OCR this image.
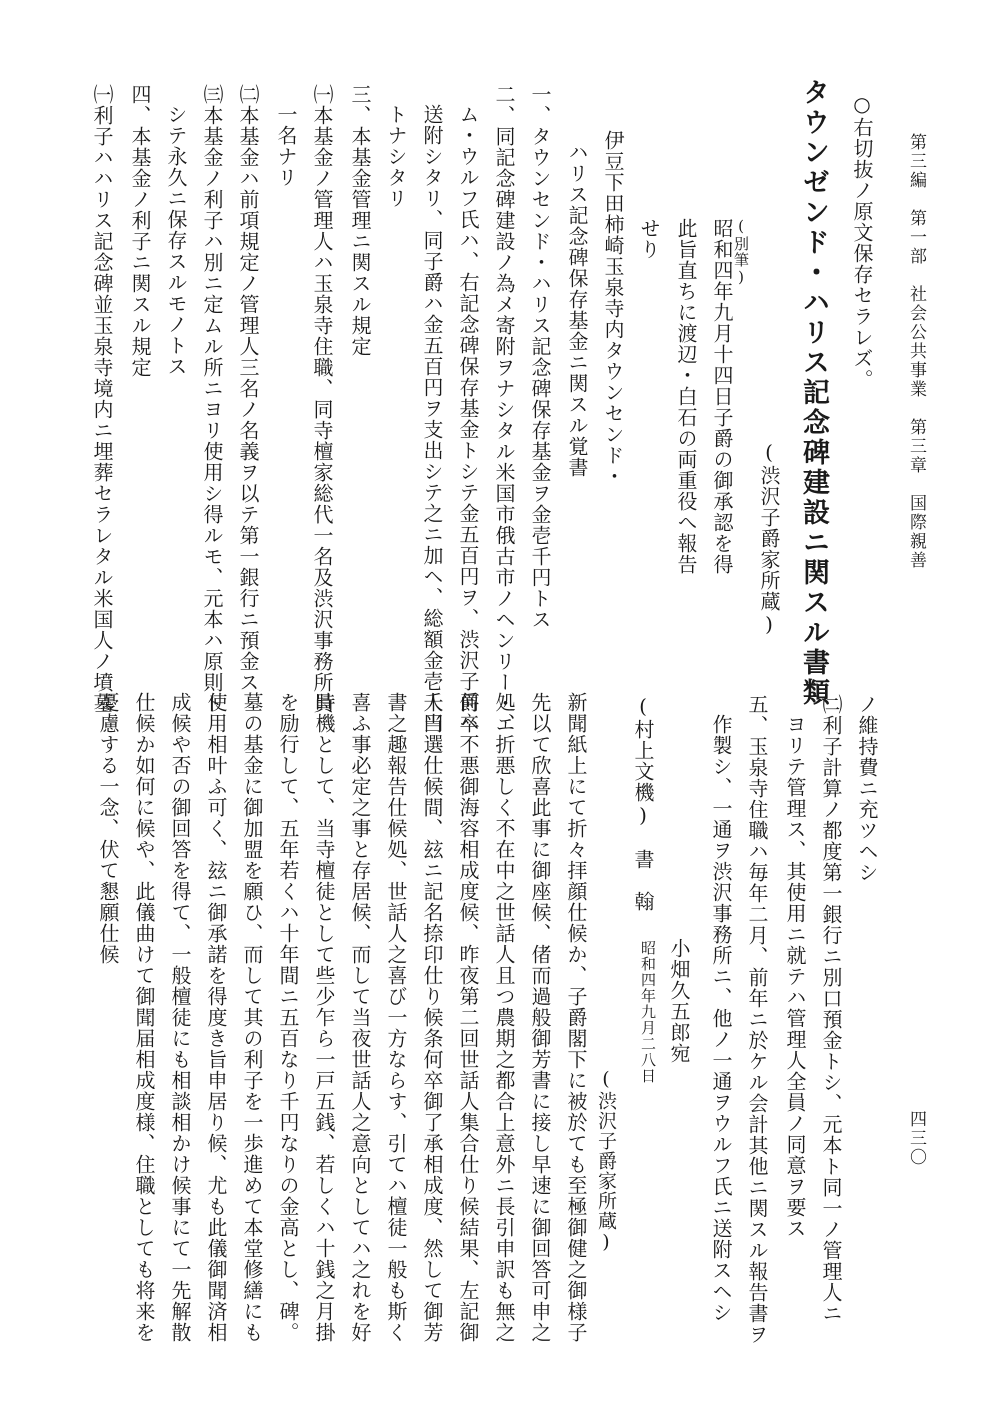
第三編　第一部　社会公共事業　第三章　国際親善
四三〇
○右切抜ノ原文保存セラレズ。
タウンゼンド・ハリス記念碑建設ニ関スル書類
(渋沢子爵家所蔵)
(別筆)
昭和四年九月十四日子爵の御承認を得
此旨直ちに渡辺・白石の両重役へ報告
せり
伊豆下田柿崎玉泉寺内タウンセンド・
ハリス記念碑保存基金ニ関スル覚書
一、タウンセンド・ハリス記念碑保存基金ヲ金壱千円トス
二、同記念碑建設ノ為メ寄附ヲナシタル米国市俄古市ノヘンリー・エ
ム・ウルフ氏ハ、右記念碑保存基金トシテ金五百円ヲ、渋沢子爵ヘ
送附シタリ、同子爵ハ金五百円ヲ支出シテ之ニ加ヘ、総額金壱千円
トナシタリ
三、本基金管理ニ関スル規定
㈠本基金ノ管理人ハ玉泉寺住職、同寺檀家総代一名及渋沢事務所員
一名ナリ
㈡本基金ハ前項規定ノ管理人三名ノ名義ヲ以テ第一銀行ニ預金ス
㈢本基金ノ利子ハ別ニ定ムル所ニヨリ使用シ得ルモ、元本ハ原則ト
シテ永久ニ保存スルモノトス
四、本基金ノ利子ニ関スル規定
㈠利子ハハリス記念碑並玉泉寺境内ニ埋葬セラレタル米国人ノ墳墓
ノ維持費ニ充ツヘシ
㈡利子計算ノ都度第一銀行ニ別口預金トシ、元本ト同一ノ管理人ニ
ヨリテ管理ス、其使用ニ就テハ管理人全員ノ同意ヲ要ス
五、玉泉寺住職ハ毎年二月、前年ニ於ケル会計其他ニ関スル報告書ヲ
作製シ、一通ヲ渋沢事務所ニ、他ノ一通ヲウルフ氏ニ送附スヘシ
小畑久五郎宛
昭和四年九月二八日
(渋沢子爵家所蔵)
(村上文機)　書　翰
新聞紙上にて折々拝顔仕候か、子爵閣下に被於ても至極御健之御様子
先以て欣喜此事に御座候、偖而過般御芳書に接し早速に御回答可申之
処、折悪しく不在中之世話人且つ農期之都合上意外ニ長引申訳も無之
何卒不悪御海容相成度候、昨夜第二回世話人集合仕り候結果、左記御
人当選仕候間、玆ニ記名捺印仕り候条何卒御了承相成度、然して御芳
書之趣報告仕候処、世話人之喜び一方ならす、引てハ檀徒一般も斯く
喜ふ事必定之事と存居候、而して当夜世話人之意向としてハ之れを好
時機として、当寺檀徒として些少乍ら一戸五銭、若しくハ十銭之月掛
を励行して、五年若くハ十年間ニ五百なり千円なりの金高とし、碑。
墓の基金に御加盟を願ひ、而して其の利子を一歩進めて本堂修繕にも
使用相叶ふ可く、玆ニ御承諾を得度き旨申居り候、尤も此儀御聞済相
成候や否の御回答を得て、一般檀徒にも相談相かけ候事にて一先解散
仕候か如何に候や、此儀曲けて御聞届相成度様、住職としても将来を
憂慮する一念、伏て懇願仕候
